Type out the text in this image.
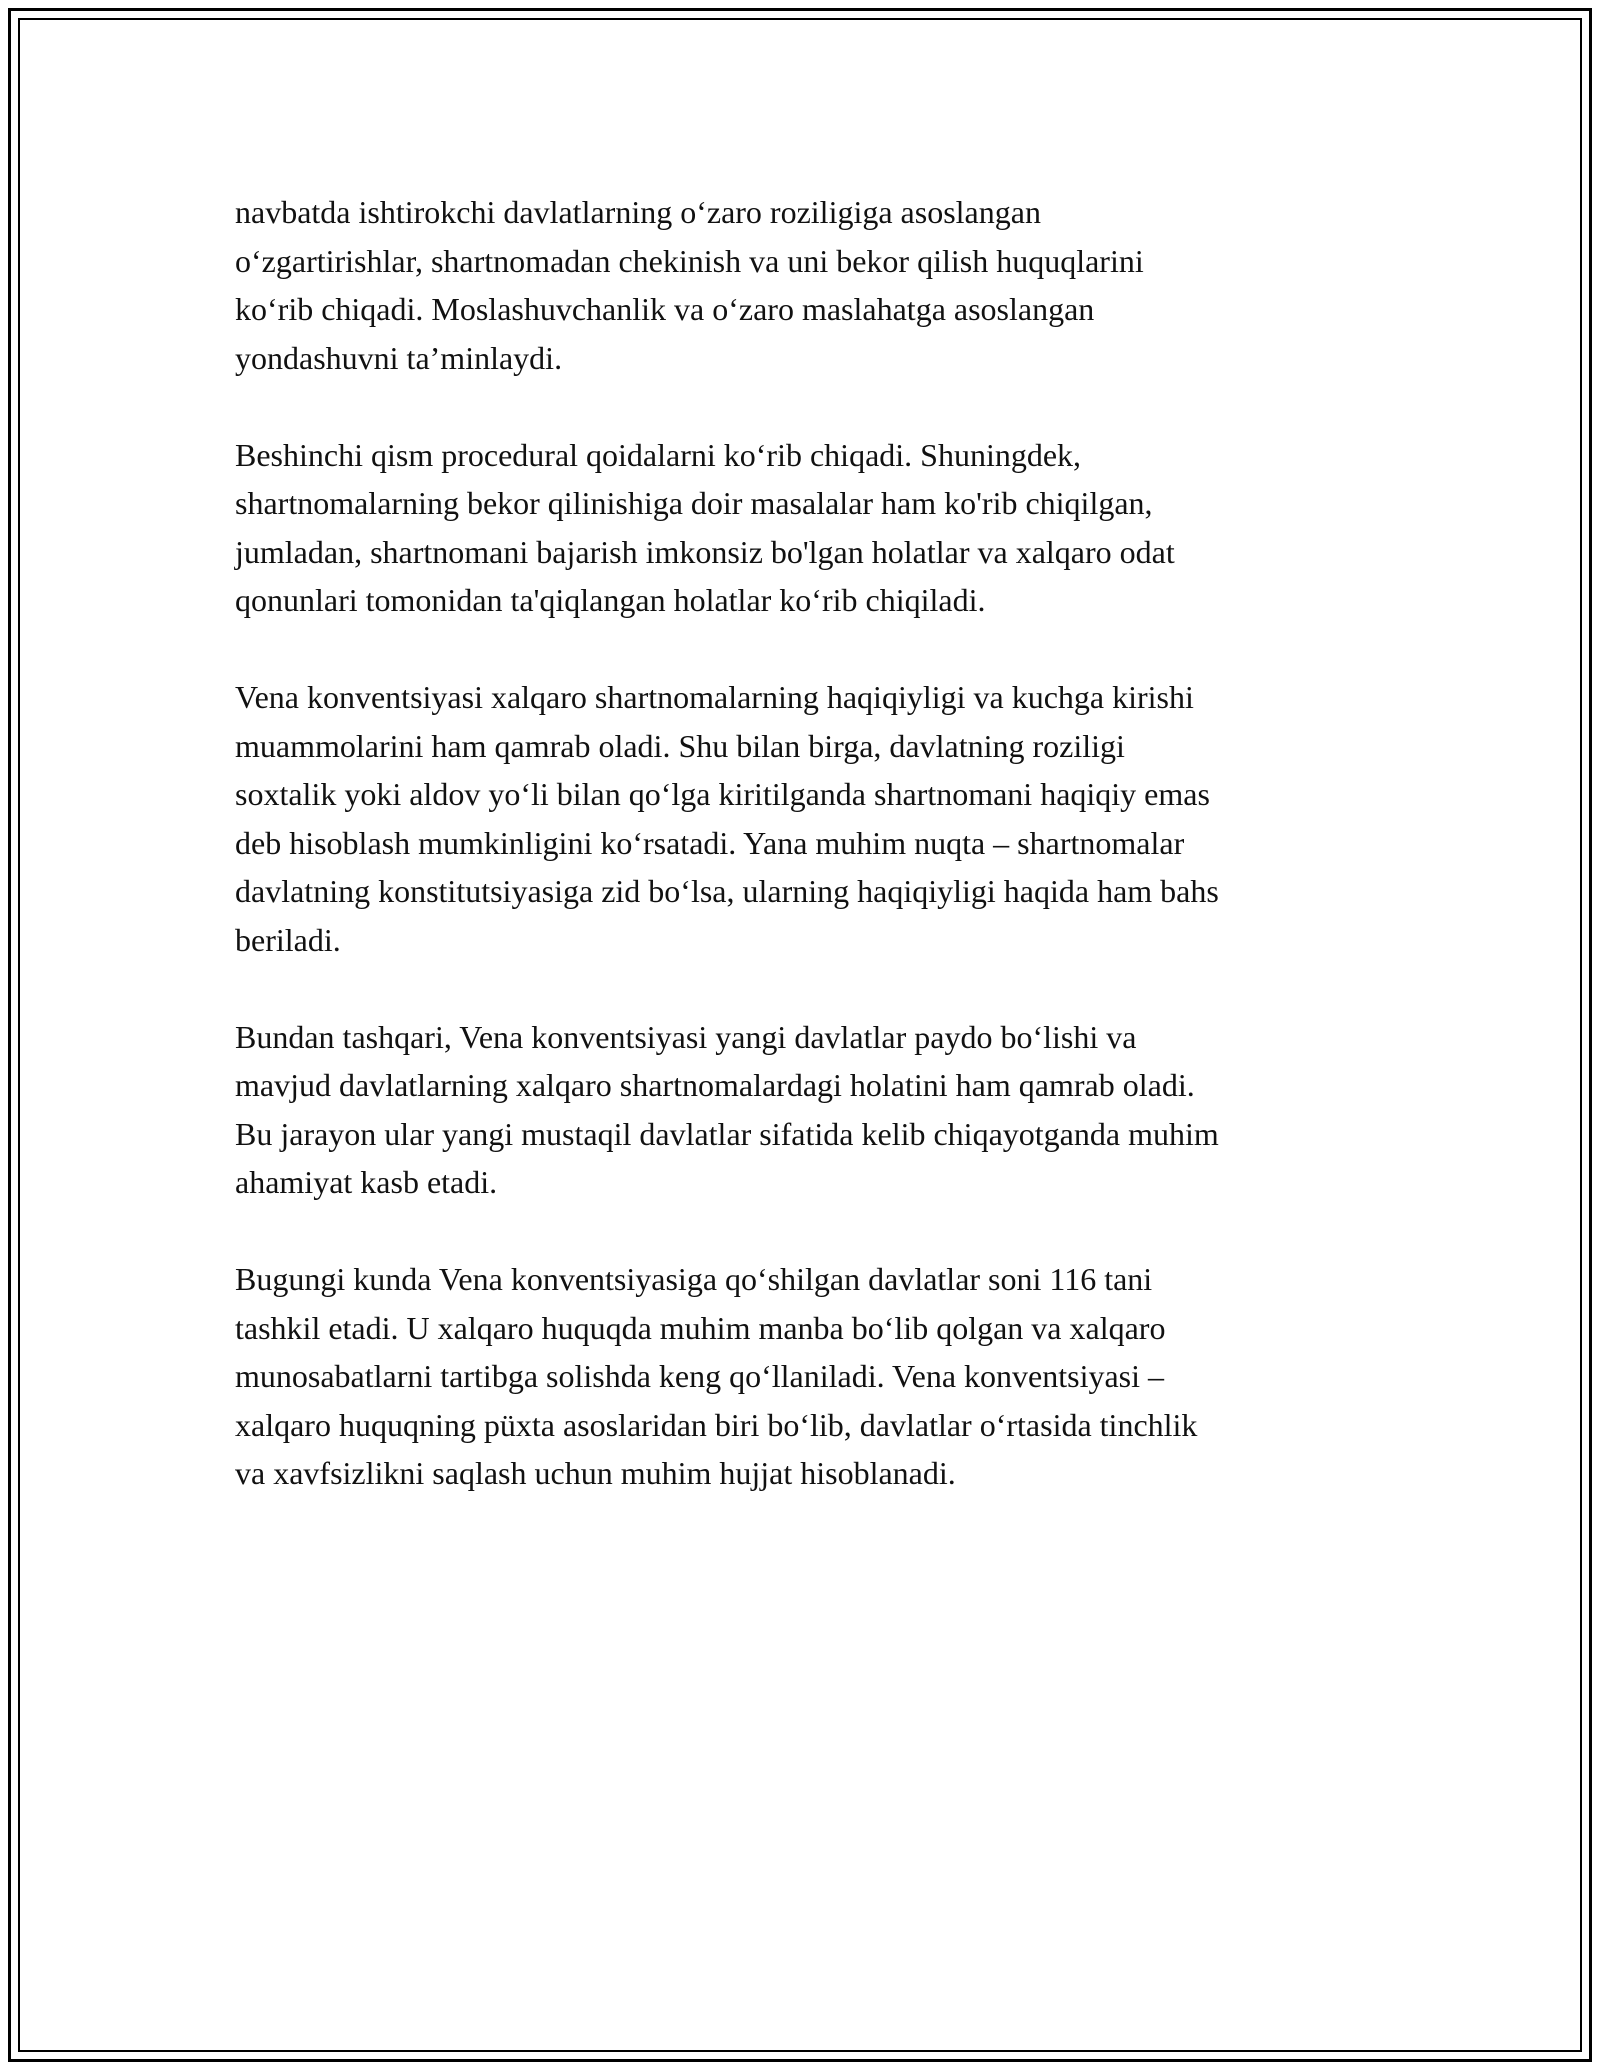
navbatda ishtirokchi davlatlarning o‘zaro roziligiga asoslangan
o‘zgartirishlar, shartnomadan chekinish va uni bekor qilish huquqlarini
ko‘rib chiqadi. Moslashuvchanlik va o‘zaro maslahatga asoslangan
yondashuvni ta’minlaydi.

Beshinchi qism procedural qoidalarni ko‘rib chiqadi. Shuningdek,
shartnomalarning bekor qilinishiga doir masalalar ham ko'rib chiqilgan,
jumladan, shartnomani bajarish imkonsiz bo'lgan holatlar va xalqaro odat
qonunlari tomonidan ta'qiqlangan holatlar ko‘rib chiqiladi.

Vena konventsiyasi xalqaro shartnomalarning haqiqiyligi va kuchga kirishi
muammolarini ham qamrab oladi. Shu bilan birga, davlatning roziligi
soxtalik yoki aldov yo‘li bilan qo‘lga kiritilganda shartnomani haqiqiy emas
deb hisoblash mumkinligini ko‘rsatadi. Yana muhim nuqta – shartnomalar
davlatning konstitutsiyasiga zid bo‘lsa, ularning haqiqiyligi haqida ham bahs
beriladi.

Bundan tashqari, Vena konventsiyasi yangi davlatlar paydo bo‘lishi va
mavjud davlatlarning xalqaro shartnomalardagi holatini ham qamrab oladi.
Bu jarayon ular yangi mustaqil davlatlar sifatida kelib chiqayotganda muhim
ahamiyat kasb etadi.

Bugungi kunda Vena konventsiyasiga qo‘shilgan davlatlar soni 116 tani
tashkil etadi. U xalqaro huquqda muhim manba bo‘lib qolgan va xalqaro
munosabatlarni tartibga solishda keng qo‘llaniladi. Vena konventsiyasi –
xalqaro huquqning püxta asoslaridan biri bo‘lib, davlatlar o‘rtasida tinchlik
va xavfsizlikni saqlash uchun muhim hujjat hisoblanadi.
